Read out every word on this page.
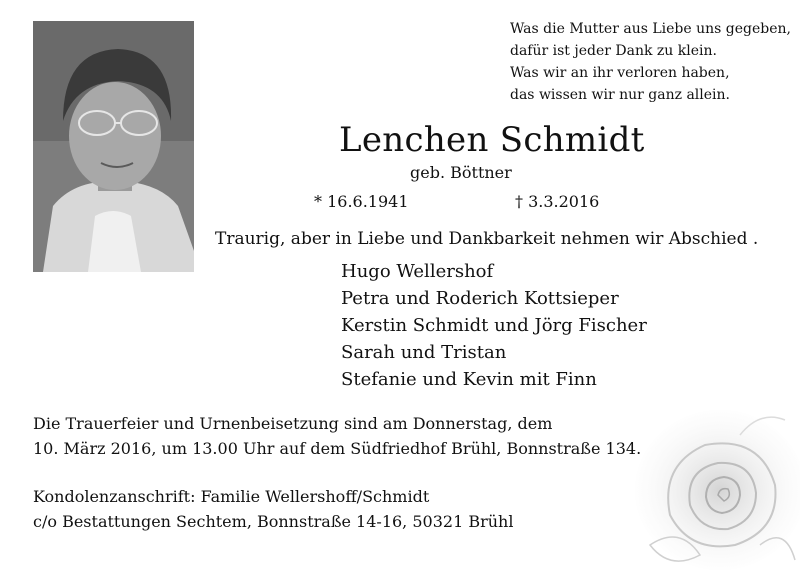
Was die Mutter aus Liebe uns gegeben,
dafür ist jeder Dank zu klein.
Was wir an ihr verloren haben,
das wissen wir nur ganz allein.
Lenchen Schmidt
geb. Böttner
* 16.6.1941	† 3.3.2016
Traurig, aber in Liebe und Dankbarkeit nehmen wir Abschied .
Hugo Wellershof
Petra und Roderich Kottsieper
Kerstin Schmidt und Jörg Fischer
Sarah und Tristan
Stefanie und Kevin mit Finn
Die Trauerfeier und Urnenbeisetzung sind am Donnerstag, dem
10. März 2016, um 13.00 Uhr auf dem Südfriedhof Brühl, Bonnstraße 134.
Kondolenzanschrift: Familie Wellershoff/Schmidt
c/o Bestattungen Sechtem, Bonnstraße 14-16, 50321 Brühl
